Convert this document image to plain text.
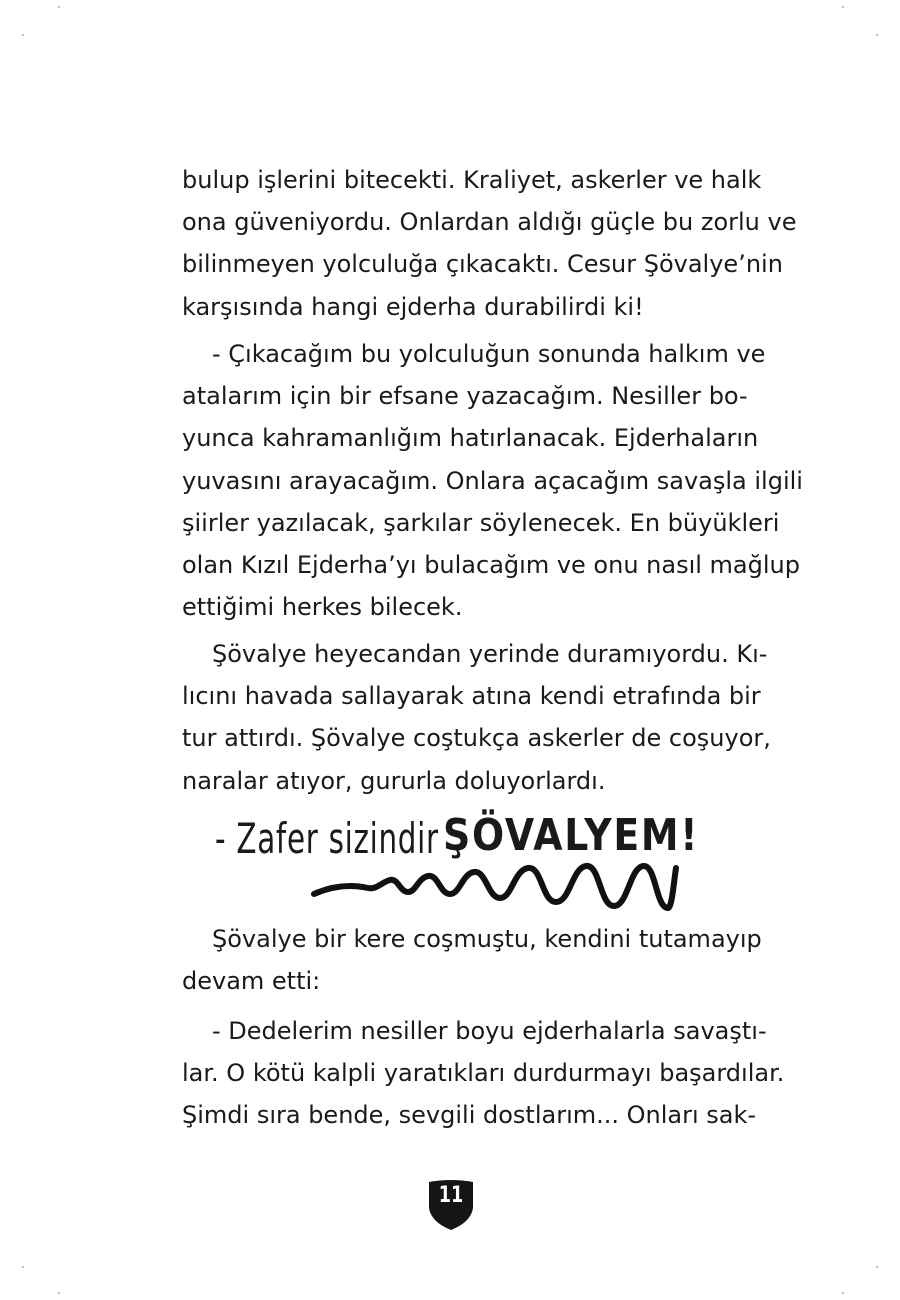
bulup işlerini bitecekti. Kraliyet, askerler ve halk
ona güveniyordu. Onlardan aldığı güçle bu zorlu ve
bilinmeyen yolculuğa çıkacaktı. Cesur Şövalye’nin
karşısında hangi ejderha durabilirdi ki!

- Çıkacağım bu yolculuğun sonunda halkım ve
atalarım için bir efsane yazacağım. Nesiller bo-
yunca kahramanlığım hatırlanacak. Ejderhaların
yuvasını arayacağım. Onlara açacağım savaşla ilgili
şiirler yazılacak, şarkılar söylenecek. En büyükleri
olan Kızıl Ejderha’yı bulacağım ve onu nasıl mağlup
ettiğimi herkes bilecek.

Şövalye heyecandan yerinde duramıyordu. Kı-
lıcını havada sallayarak atına kendi etrafında bir
tur attırdı. Şövalye coştukça askerler de coşuyor,
naralar atıyor, gururla doluyorlardı.

- Zafer sizindir ŞÖVALYEM!

Şövalye bir kere coşmuştu, kendini tutamayıp
devam etti:

- Dedelerim nesiller boyu ejderhalarla savaştı-
lar. O kötü kalpli yaratıkları durdurmayı başardılar.
Şimdi sıra bende, sevgili dostlarım... Onları sak-

11
